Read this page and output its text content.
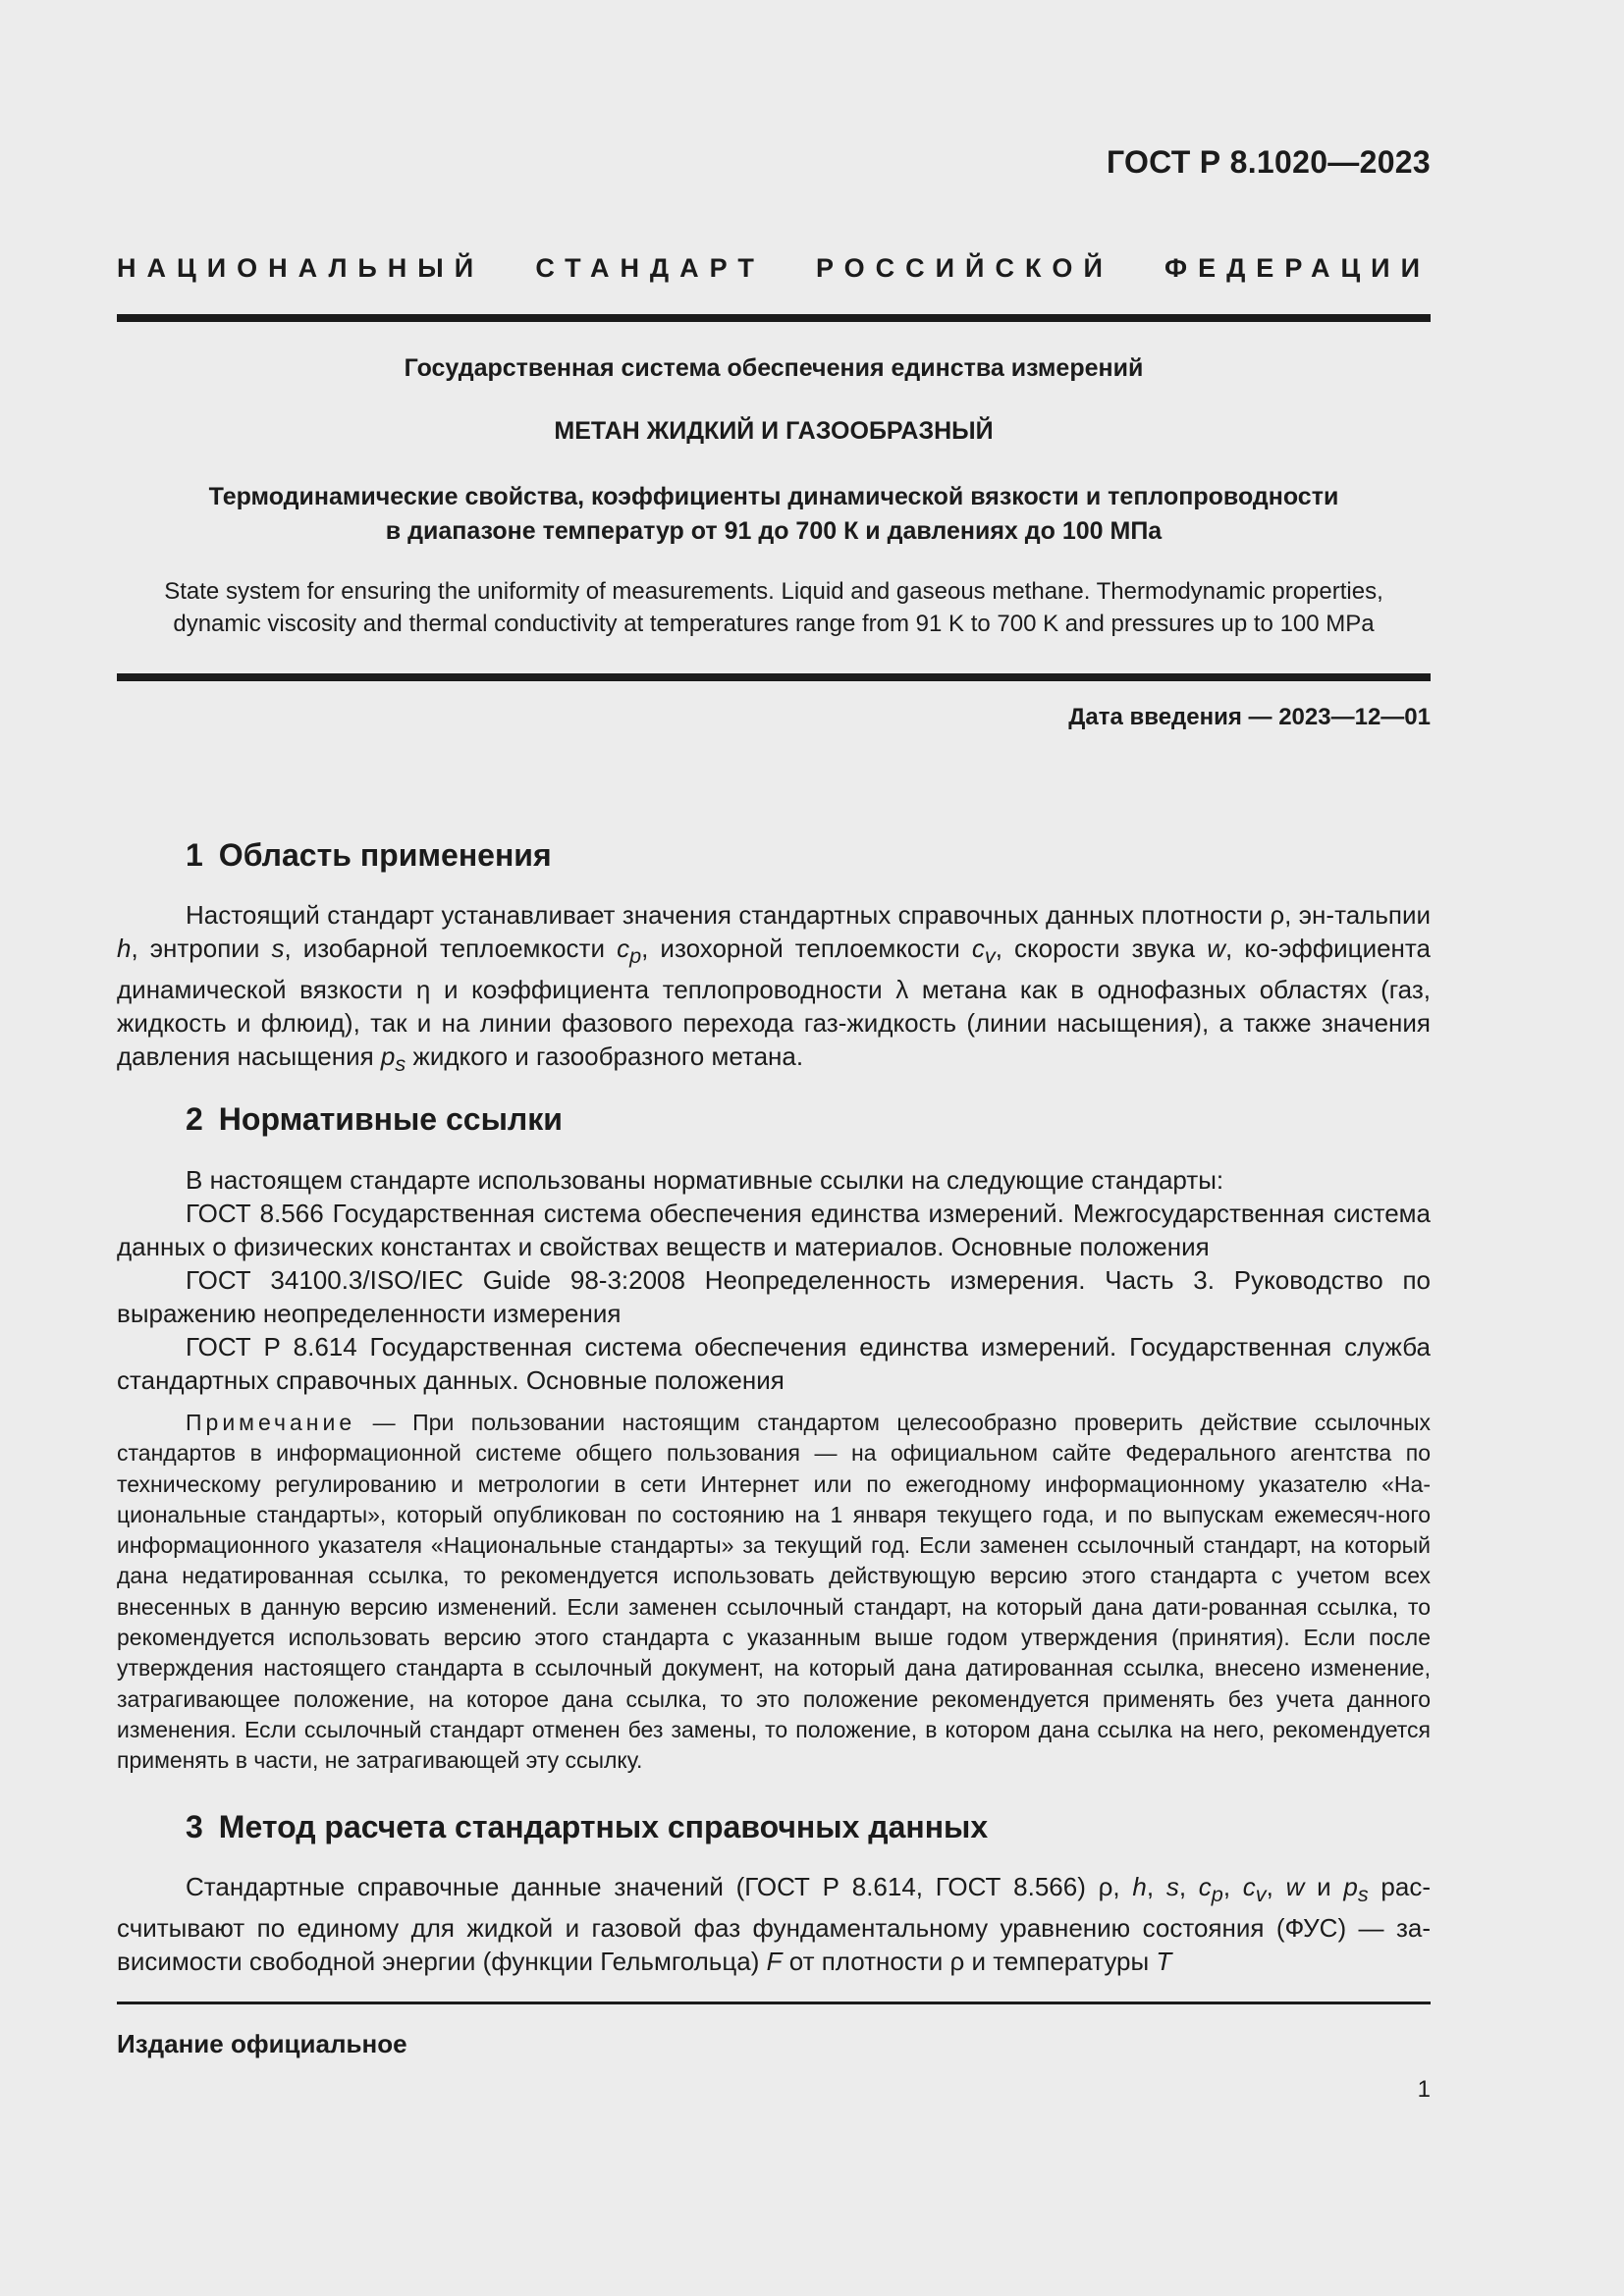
ГОСТ Р 8.1020—2023
НАЦИОНАЛЬНЫЙ СТАНДАРТ РОССИЙСКОЙ ФЕДЕРАЦИИ
Государственная система обеспечения единства измерений
МЕТАН ЖИДКИЙ И ГАЗООБРАЗНЫЙ
Термодинамические свойства, коэффициенты динамической вязкости и теплопроводности
в диапазоне температур от 91 до 700 К и давлениях до 100 МПа
State system for ensuring the uniformity of measurements. Liquid and gaseous methane. Thermodynamic properties,
dynamic viscosity and thermal conductivity at temperatures range from 91 K to 700 K and pressures up to 100 MPa
Дата введения — 2023—12—01
1 Область применения

Настоящий стандарт устанавливает значения стандартных справочных данных плотности ρ, эн-тальпии h, энтропии s, изобарной теплоемкости $c_p$, изохорной теплоемкости $c_v$, скорости звука w, ко-эффициента динамической вязкости η и коэффициента теплопроводности λ метана как в однофазных областях (газ, жидкость и флюид), так и на линии фазового перехода газ-жидкость (линии насыщения), а также значения давления насыщения $p_s$ жидкого и газообразного метана.

2 Нормативные ссылки

В настоящем стандарте использованы нормативные ссылки на следующие стандарты:

ГОСТ 8.566 Государственная система обеспечения единства измерений. Межгосударственная система данных о физических константах и свойствах веществ и материалов. Основные положения

ГОСТ 34100.3/ISO/IEC Guide 98-3:2008 Неопределенность измерения. Часть 3. Руководство по выражению неопределенности измерения

ГОСТ Р 8.614 Государственная система обеспечения единства измерений. Государственная служба стандартных справочных данных. Основные положения

Примечание — При пользовании настоящим стандартом целесообразно проверить действие ссылочных стандартов в информационной системе общего пользования — на официальном сайте Федерального агентства по техническому регулированию и метрологии в сети Интернет или по ежегодному информационному указателю «На-циональные стандарты», который опубликован по состоянию на 1 января текущего года, и по выпускам ежемесяч-ного информационного указателя «Национальные стандарты» за текущий год. Если заменен ссылочный стандарт, на который дана недатированная ссылка, то рекомендуется использовать действующую версию этого стандарта с учетом всех внесенных в данную версию изменений. Если заменен ссылочный стандарт, на который дана дати-рованная ссылка, то рекомендуется использовать версию этого стандарта с указанным выше годом утверждения (принятия). Если после утверждения настоящего стандарта в ссылочный документ, на который дана датированная ссылка, внесено изменение, затрагивающее положение, на которое дана ссылка, то это положение рекомендуется применять без учета данного изменения. Если ссылочный стандарт отменен без замены, то положение, в котором дана ссылка на него, рекомендуется применять в части, не затрагивающей эту ссылку.

3 Метод расчета стандартных справочных данных

Стандартные справочные данные значений (ГОСТ Р 8.614, ГОСТ 8.566) ρ, h, s, $c_p$, $c_v$, w и $p_s$ рас-считывают по единому для жидкой и газовой фаз фундаментальному уравнению состояния (ФУС) — за-висимости свободной энергии (функции Гельмгольца) F от плотности ρ и температуры T

Издание официальное
1
